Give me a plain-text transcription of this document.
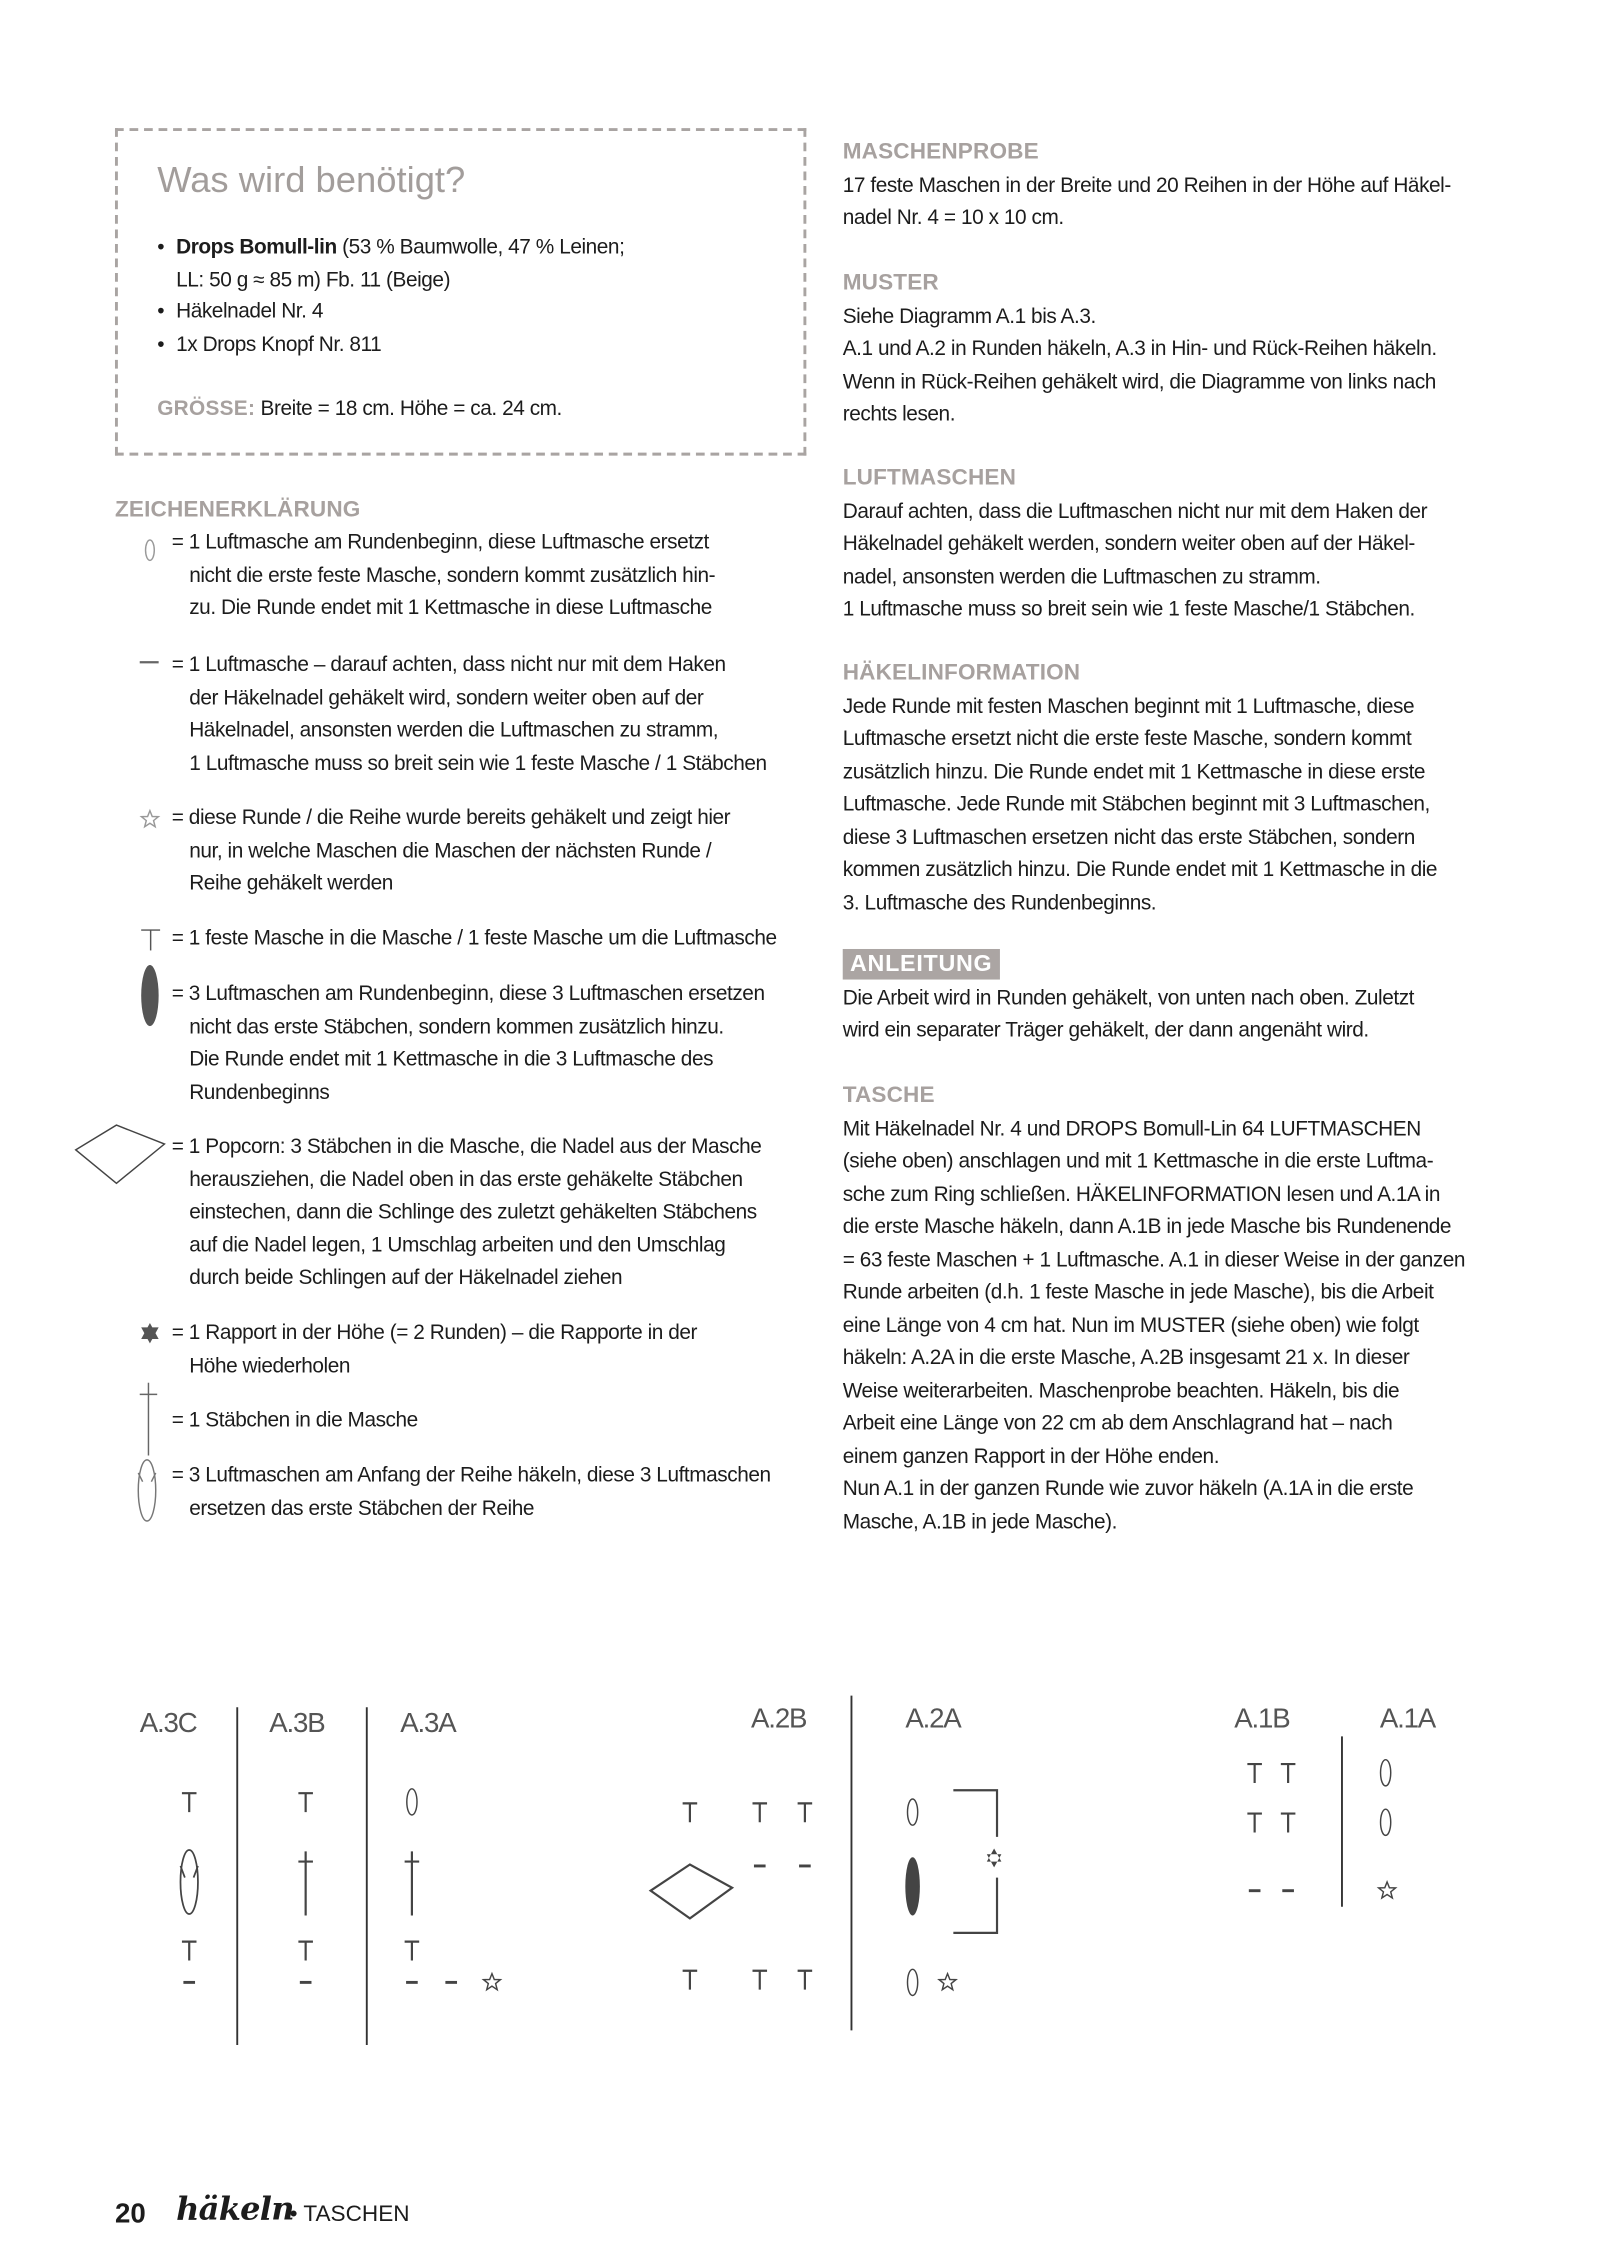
Was wird benötigt?
• Drops Bomull-lin (53 % Baumwolle, 47 % Leinen;
LL: 50 g ≈ 85 m) Fb. 11 (Beige)
• Häkelnadel Nr. 4
• 1x Drops Knopf Nr. 811
GRÖSSE: Breite = 18 cm. Höhe = ca. 24 cm.
ZEICHENERKLÄRUNG
= 1 Luftmasche am Rundenbeginn, diese Luftmasche ersetzt
nicht die erste feste Masche, sondern kommt zusätzlich hin-
zu. Die Runde endet mit 1 Kettmasche in diese Luftmasche
= 1 Luftmasche – darauf achten, dass nicht nur mit dem Haken
der Häkelnadel gehäkelt wird, sondern weiter oben auf der
Häkelnadel, ansonsten werden die Luftmaschen zu stramm,
1 Luftmasche muss so breit sein wie 1 feste Masche / 1 Stäbchen
= diese Runde / die Reihe wurde bereits gehäkelt und zeigt hier
nur, in welche Maschen die Maschen der nächsten Runde /
Reihe gehäkelt werden
= 1 feste Masche in die Masche / 1 feste Masche um die Luftmasche
= 3 Luftmaschen am Rundenbeginn, diese 3 Luftmaschen ersetzen
nicht das erste Stäbchen, sondern kommen zusätzlich hinzu.
Die Runde endet mit 1 Kettmasche in die 3 Luftmasche des
Rundenbeginns
= 1 Popcorn: 3 Stäbchen in die Masche, die Nadel aus der Masche
herausziehen, die Nadel oben in das erste gehäkelte Stäbchen
einstechen, dann die Schlinge des zuletzt gehäkelten Stäbchens
auf die Nadel legen, 1 Umschlag arbeiten und den Umschlag
durch beide Schlingen auf der Häkelnadel ziehen
= 1 Rapport in der Höhe (= 2 Runden) – die Rapporte in der
Höhe wiederholen
= 1 Stäbchen in die Masche
= 3 Luftmaschen am Anfang der Reihe häkeln, diese 3 Luftmaschen
ersetzen das erste Stäbchen der Reihe
MASCHENPROBE
17 feste Maschen in der Breite und 20 Reihen in der Höhe auf Häkel-
nadel Nr. 4 = 10 x 10 cm.
MUSTER
Siehe Diagramm A.1 bis A.3.
A.1 und A.2 in Runden häkeln, A.3 in Hin- und Rück-Reihen häkeln.
Wenn in Rück-Reihen gehäkelt wird, die Diagramme von links nach
rechts lesen.
LUFTMASCHEN
Darauf achten, dass die Luftmaschen nicht nur mit dem Haken der
Häkelnadel gehäkelt werden, sondern weiter oben auf der Häkel-
nadel, ansonsten werden die Luftmaschen zu stramm.
1 Luftmasche muss so breit sein wie 1 feste Masche/1 Stäbchen.
HÄKELINFORMATION
Jede Runde mit festen Maschen beginnt mit 1 Luftmasche, diese
Luftmasche ersetzt nicht die erste feste Masche, sondern kommt
zusätzlich hinzu. Die Runde endet mit 1 Kettmasche in diese erste
Luftmasche. Jede Runde mit Stäbchen beginnt mit 3 Luftmaschen,
diese 3 Luftmaschen ersetzen nicht das erste Stäbchen, sondern
kommen zusätzlich hinzu. Die Runde endet mit 1 Kettmasche in die
3. Luftmasche des Rundenbeginns.
ANLEITUNG
Die Arbeit wird in Runden gehäkelt, von unten nach oben. Zuletzt
wird ein separater Träger gehäkelt, der dann angenäht wird.
TASCHE
Mit Häkelnadel Nr. 4 und DROPS Bomull-Lin 64 LUFTMASCHEN
(siehe oben) anschlagen und mit 1 Kettmasche in die erste Luftma-
sche zum Ring schließen. HÄKELINFORMATION lesen und A.1A in
die erste Masche häkeln, dann A.1B in jede Masche bis Rundenende
= 63 feste Maschen + 1 Luftmasche. A.1 in dieser Weise in der ganzen
Runde arbeiten (d.h. 1 feste Masche in jede Masche), bis die Arbeit
eine Länge von 4 cm hat. Nun im MUSTER (siehe oben) wie folgt
häkeln: A.2A in die erste Masche, A.2B insgesamt 21 x. In dieser
Weise weiterarbeiten. Maschenprobe beachten. Häkeln, bis die
Arbeit eine Länge von 22 cm ab dem Anschlagrand hat – nach
einem ganzen Rapport in der Höhe enden.
Nun A.1 in der ganzen Runde wie zuvor häkeln (A.1A in die erste
Masche, A.1B in jede Masche).
20 häkeln
• TASCHEN
A.3C	A.3B	A.3A	A.2B	A.2A	A.1B	A.1A
